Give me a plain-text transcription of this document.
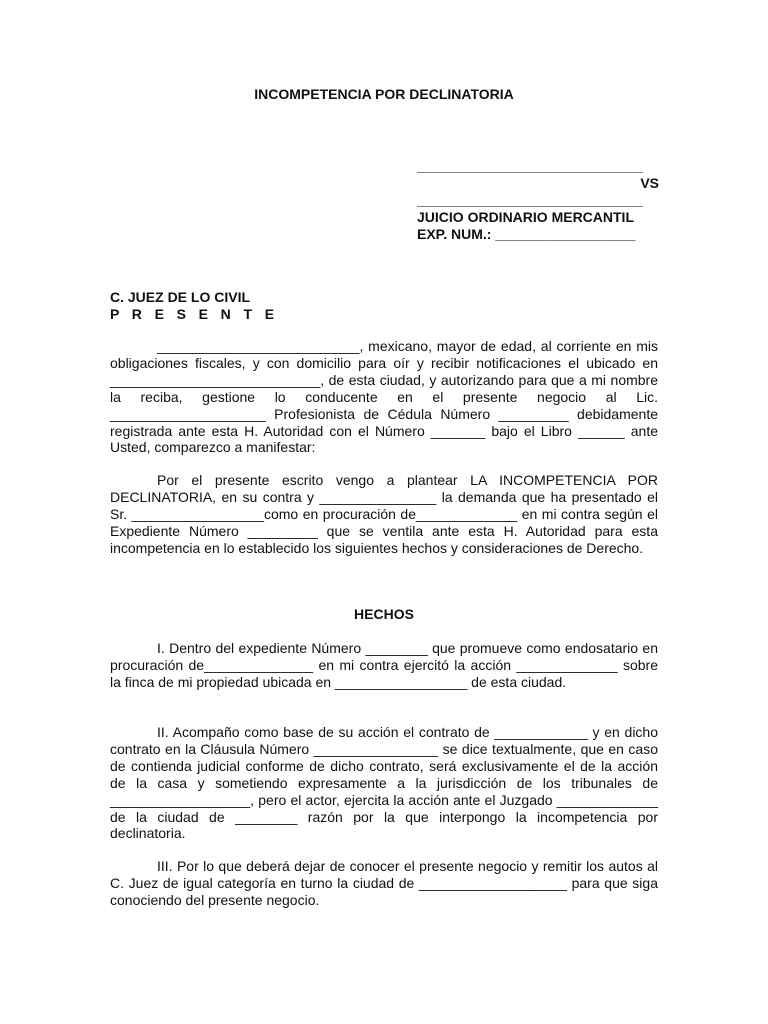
INCOMPETENCIA POR DECLINATORIA
_____________________________
VS
_____________________________
JUICIO ORDINARIO MERCANTIL
EXP. NUM.: __________________
C. JUEZ DE LO CIVIL
P R E S E N T E

__________________________, mexicano, mayor de edad, al corriente en mis obligaciones fiscales, y con domicilio para oír y recibir notificaciones el ubicado en ___________________________, de esta ciudad, y autorizando para que a mi nombre la reciba, gestione lo conducente en el presente negocio al Lic. ____________________ Profesionista de Cédula Número _________ debidamente registrada ante esta H. Autoridad con el Número _______ bajo el Libro ______ ante Usted, comparezco a manifestar:

Por el presente escrito vengo a plantear LA INCOMPETENCIA POR DECLINATORIA, en su contra y _______________ la demanda que ha presentado el Sr. _________________como en procuración de_____________ en mi contra según el Expediente Número _________ que se ventila ante esta H. Autoridad para esta incompetencia en lo establecido los siguientes hechos y consideraciones de Derecho.

HECHOS

I. Dentro del expediente Número ________ que promueve como endosatario en procuración de______________ en mi contra ejercitó la acción _____________ sobre la finca de mi propiedad ubicada en _________________ de esta ciudad.

II. Acompaño como base de su acción el contrato de ____________ y en dicho contrato en la Cláusula Número ________________ se dice textualmente, que en caso de contienda judicial conforme de dicho contrato, será exclusivamente el de la acción de la casa y sometiendo expresamente a la jurisdicción de los tribunales de __________________, pero el actor, ejercita la acción ante el Juzgado _____________ de la ciudad de ________ razón por la que interpongo la incompetencia por declinatoria.

III. Por lo que deberá dejar de conocer el presente negocio y remitir los autos al C. Juez de igual categoría en turno la ciudad de ___________________ para que siga conociendo del presente negocio.
